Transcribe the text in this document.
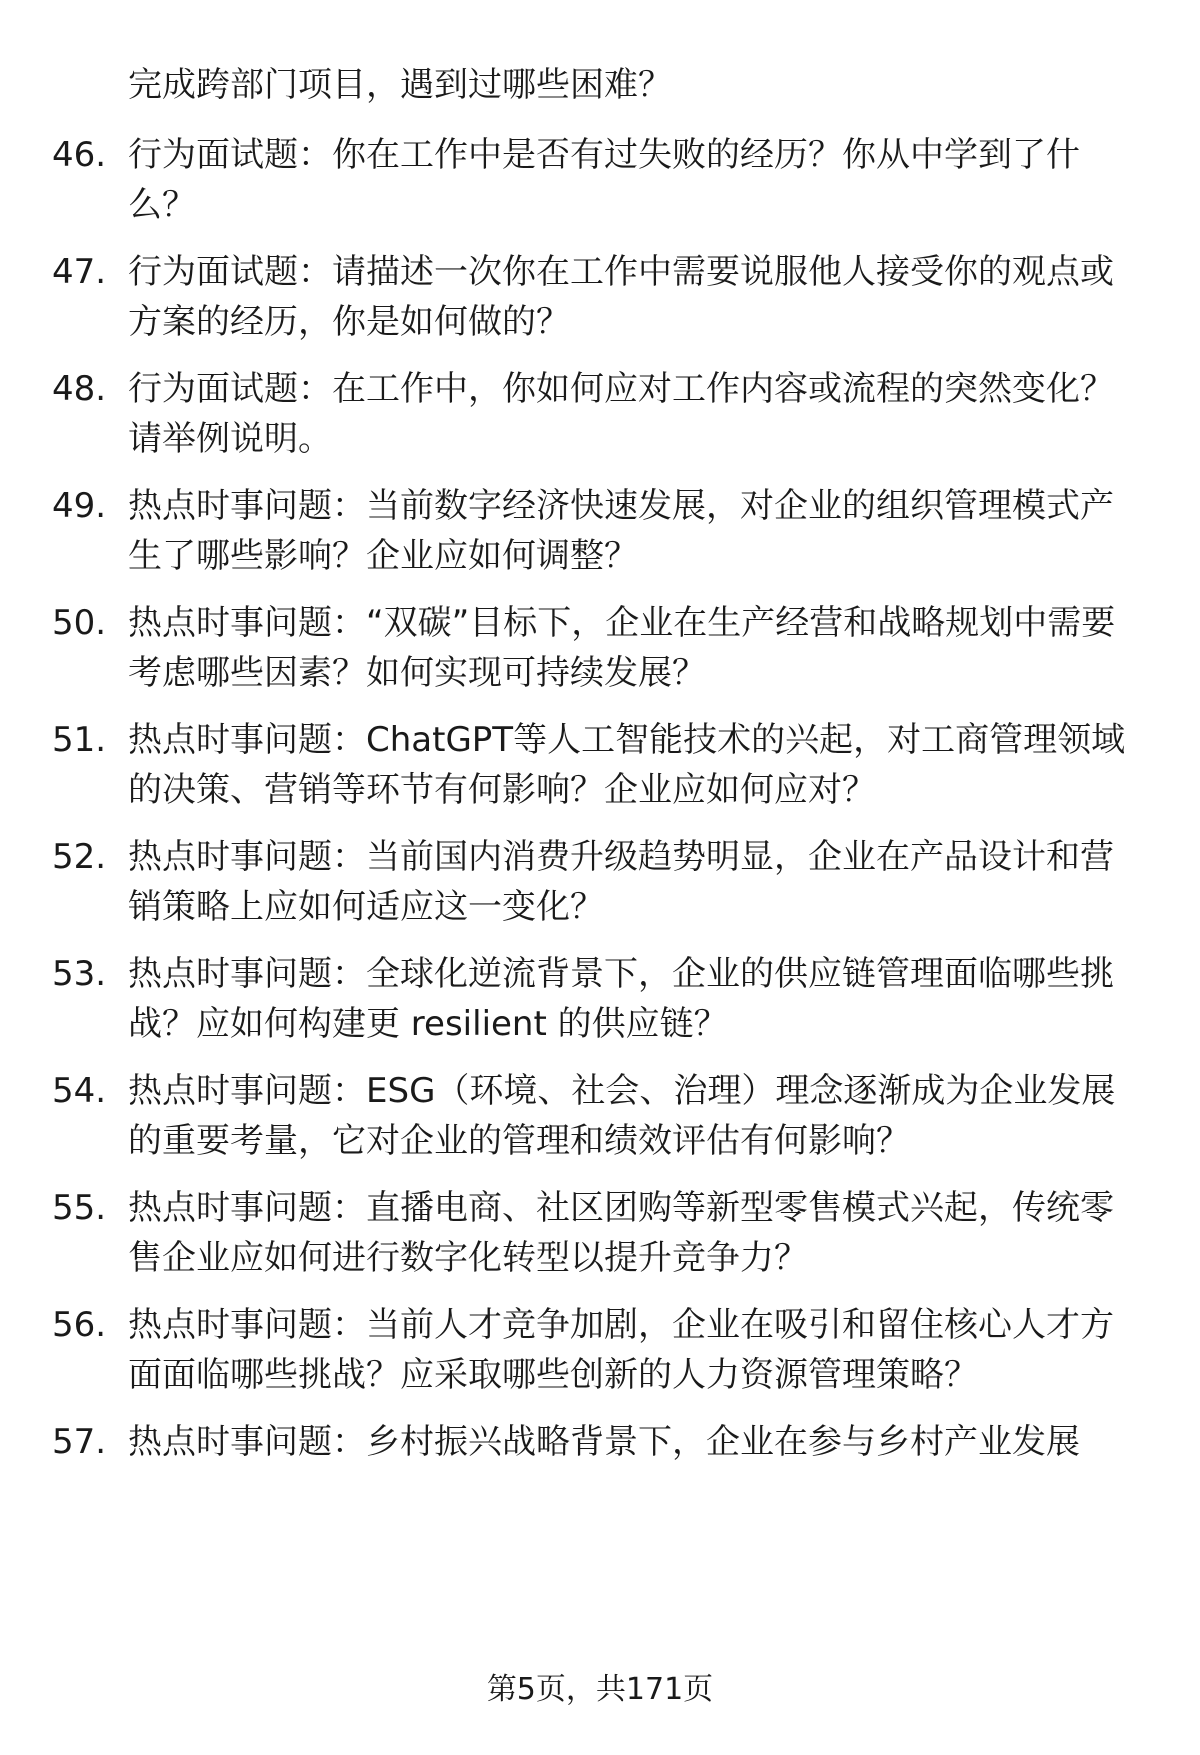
完成跨部门项目，遇到过哪些困难？
46. 行为面试题：你在工作中是否有过失败的经历？你从中学到了什么？
47. 行为面试题：请描述一次你在工作中需要说服他人接受你的观点或方案的经历，你是如何做的？
48. 行为面试题：在工作中，你如何应对工作内容或流程的突然变化？请举例说明。
49. 热点时事问题：当前数字经济快速发展，对企业的组织管理模式产生了哪些影响？企业应如何调整？
50. 热点时事问题：“双碳”目标下，企业在生产经营和战略规划中需要考虑哪些因素？如何实现可持续发展？
51. 热点时事问题：ChatGPT等人工智能技术的兴起，对工商管理领域的决策、营销等环节有何影响？企业应如何应对？
52. 热点时事问题：当前国内消费升级趋势明显，企业在产品设计和营销策略上应如何适应这一变化？
53. 热点时事问题：全球化逆流背景下，企业的供应链管理面临哪些挑战？应如何构建更 resilient 的供应链？
54. 热点时事问题：ESG（环境、社会、治理）理念逐渐成为企业发展的重要考量，它对企业的管理和绩效评估有何影响？
55. 热点时事问题：直播电商、社区团购等新型零售模式兴起，传统零售企业应如何进行数字化转型以提升竞争力？
56. 热点时事问题：当前人才竞争加剧，企业在吸引和留住核心人才方面面临哪些挑战？应采取哪些创新的人力资源管理策略？
57. 热点时事问题：乡村振兴战略背景下，企业在参与乡村产业发展
第5页，共171页
